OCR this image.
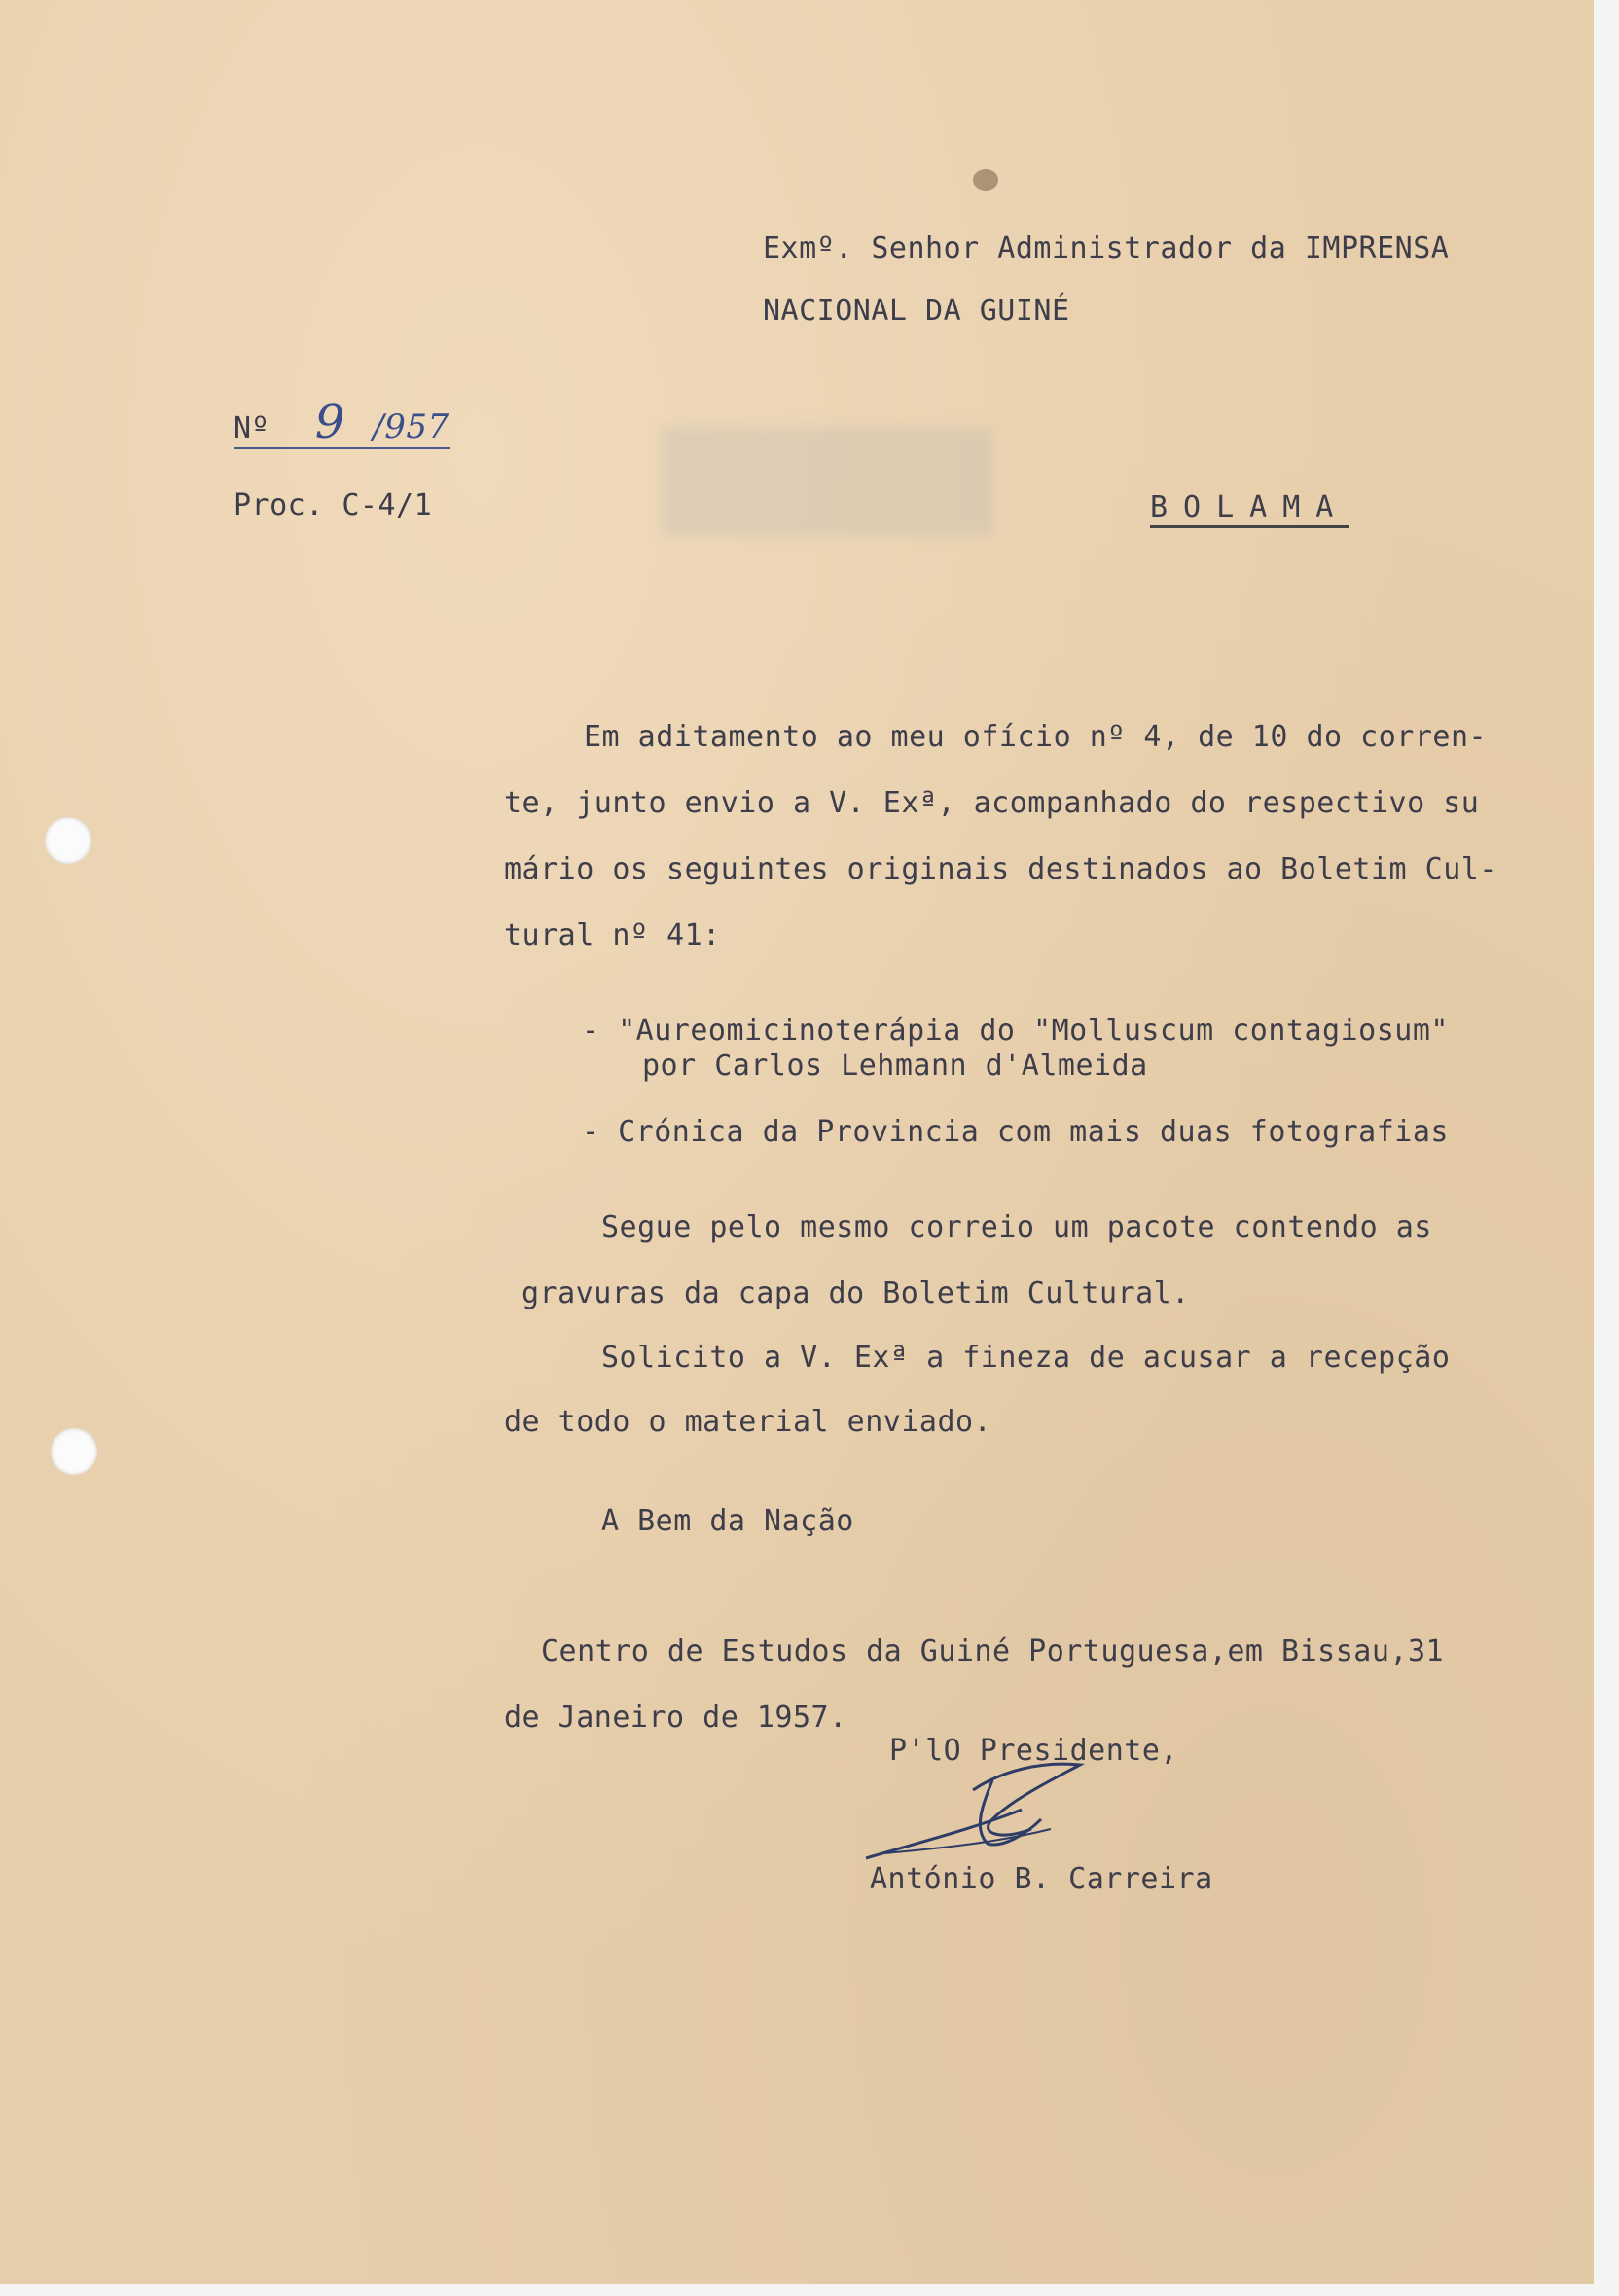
Exmº. Senhor Administrador da IMPRENSA
NACIONAL DA GUINÉ
Nº 9 /957
Proc. C-4/1	BOLAMA
Em aditamento ao meu ofício nº 4, de 10 do corren-
te, junto envio a V. Exª, acompanhado do respectivo su
mário os seguintes originais destinados ao Boletim Cul-
tural nº 41:
- "Aureomicinoterápia do "Molluscum contagiosum"
por Carlos Lehmann d'Almeida
- Crónica da Provincia com mais duas fotografias
Segue pelo mesmo correio um pacote contendo as
gravuras da capa do Boletim Cultural.
Solicito a V. Exª a fineza de acusar a recepção
de todo o material enviado.
A Bem da Nação
Centro de Estudos da Guiné Portuguesa,em Bissau,31
de Janeiro de 1957.
P'lO Presidente,
António B. Carreira
